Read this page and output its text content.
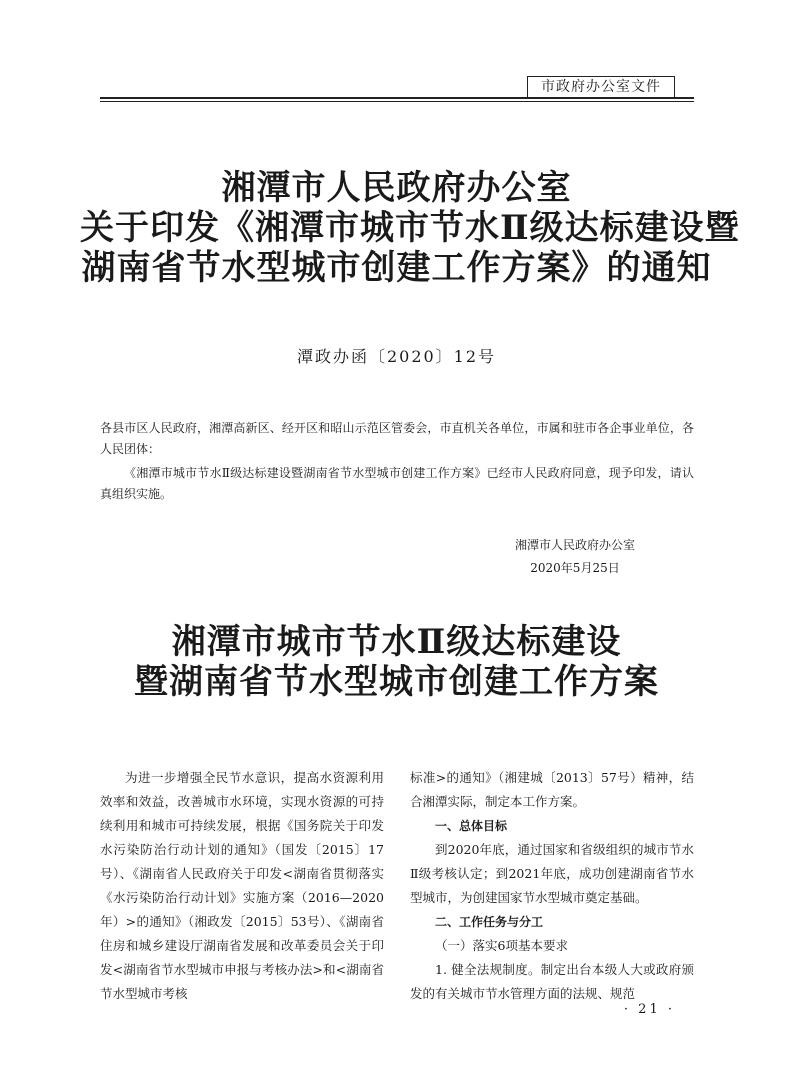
市政府办公室文件
湘潭市人民政府办公室
关于印发《湘潭市城市节水Ⅱ级达标建设暨
湖南省节水型城市创建工作方案》的通知
潭政办函〔2020〕12号
各县市区人民政府，湘潭高新区、经开区和昭山示范区管委会，市直机关各单位，市属和驻市各企事业单位，各人民团体：
《湘潭市城市节水Ⅱ级达标建设暨湖南省节水型城市创建工作方案》已经市人民政府同意，现予印发，请认真组织实施。
湘潭市人民政府办公室
2020年5月25日
湘潭市城市节水Ⅱ级达标建设
暨湖南省节水型城市创建工作方案

为进一步增强全民节水意识，提高水资源利用效率和效益，改善城市水环境，实现水资源的可持续利用和城市可持续发展，根据《国务院关于印发水污染防治行动计划的通知》（国发〔2015〕17号）、《湖南省人民政府关于印发<湖南省贯彻落实《水污染防治行动计划》实施方案（2016—2020年）>的通知》（湘政发〔2015〕53号）、《湖南省住房和城乡建设厅湖南省发展和改革委员会关于印发<湖南省节水型城市申报与考核办法>和<湖南省节水型城市考核

标准>的通知》（湘建城〔2013〕57号）精神，结合湘潭实际，制定本工作方案。

一、总体目标

到2020年底，通过国家和省级组织的城市节水Ⅱ级考核认定；到2021年底，成功创建湖南省节水型城市，为创建国家节水型城市奠定基础。

二、工作任务与分工

（一）落实6项基本要求

1. 健全法规制度。制定出台本级人大或政府颁发的有关城市节水管理方面的法规、规范

· 21 ·
